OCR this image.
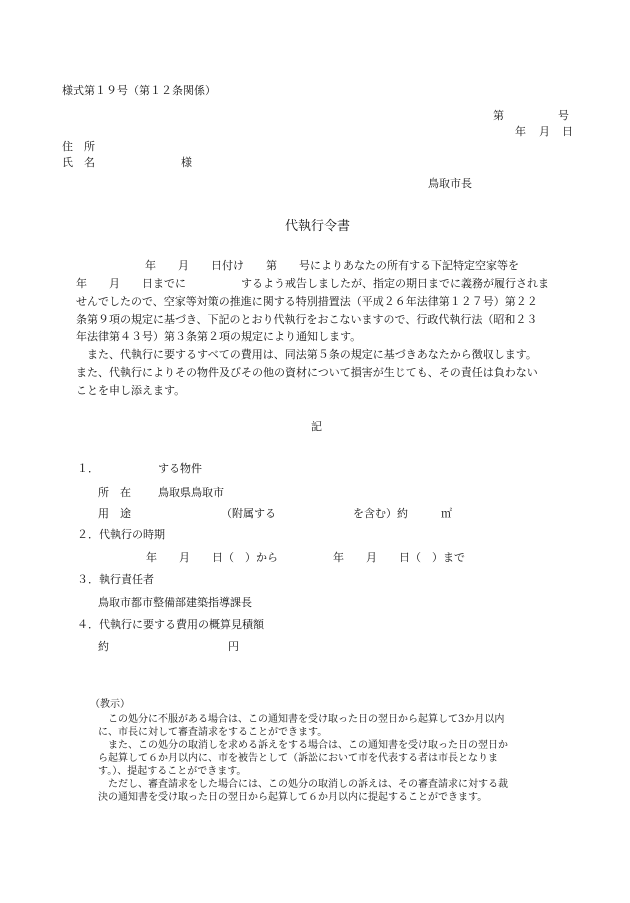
様式第１９号（第１２条関係）
第	号
年 月 日
住　所
氏　名	様
鳥取市長
代執行令書
年　　月　　日付け　　第　　号によりあなたの所有する下記特定空家等を
年　　月　　日までに　　　　　するよう戒告しましたが、指定の期日までに義務が履行されま
せんでしたので、空家等対策の推進に関する特別措置法（平成２６年法律第１２７号）第２２
条第９項の規定に基づき、下記のとおり代執行をおこないますので、行政代執行法（昭和２３
年法律第４３号）第３条第２項の規定により通知します。
　また、代執行に要するすべての費用は、同法第５条の規定に基づきあなたから徴収します。
また、代執行によりその物件及びその他の資材について損害が生じても、その責任は負わない
ことを申し添えます。
記
１．	する物件
所　在 鳥取県鳥取市
用　途	（附属する　　　　　　　を含む）約　　　㎡
２．代執行の時期
年　　月　　日（　）から　　　　　年　　月　　日（　）まで
３．執行責任者
鳥取市都市整備部建築指導課長
４．代執行に要する費用の概算見積額
約	円
（教示）
　この処分に不服がある場合は、この通知書を受け取った日の翌日から起算して3か月以内
に、市長に対して審査請求をすることができます。
　また、この処分の取消しを求める訴えをする場合は、この通知書を受け取った日の翌日か
ら起算して６か月以内に、市を被告として（訴訟において市を代表する者は市長となりま
す。）、提起することができます。
　ただし、審査請求をした場合には、この処分の取消しの訴えは、その審査請求に対する裁
決の通知書を受け取った日の翌日から起算して６か月以内に提起することができます。
